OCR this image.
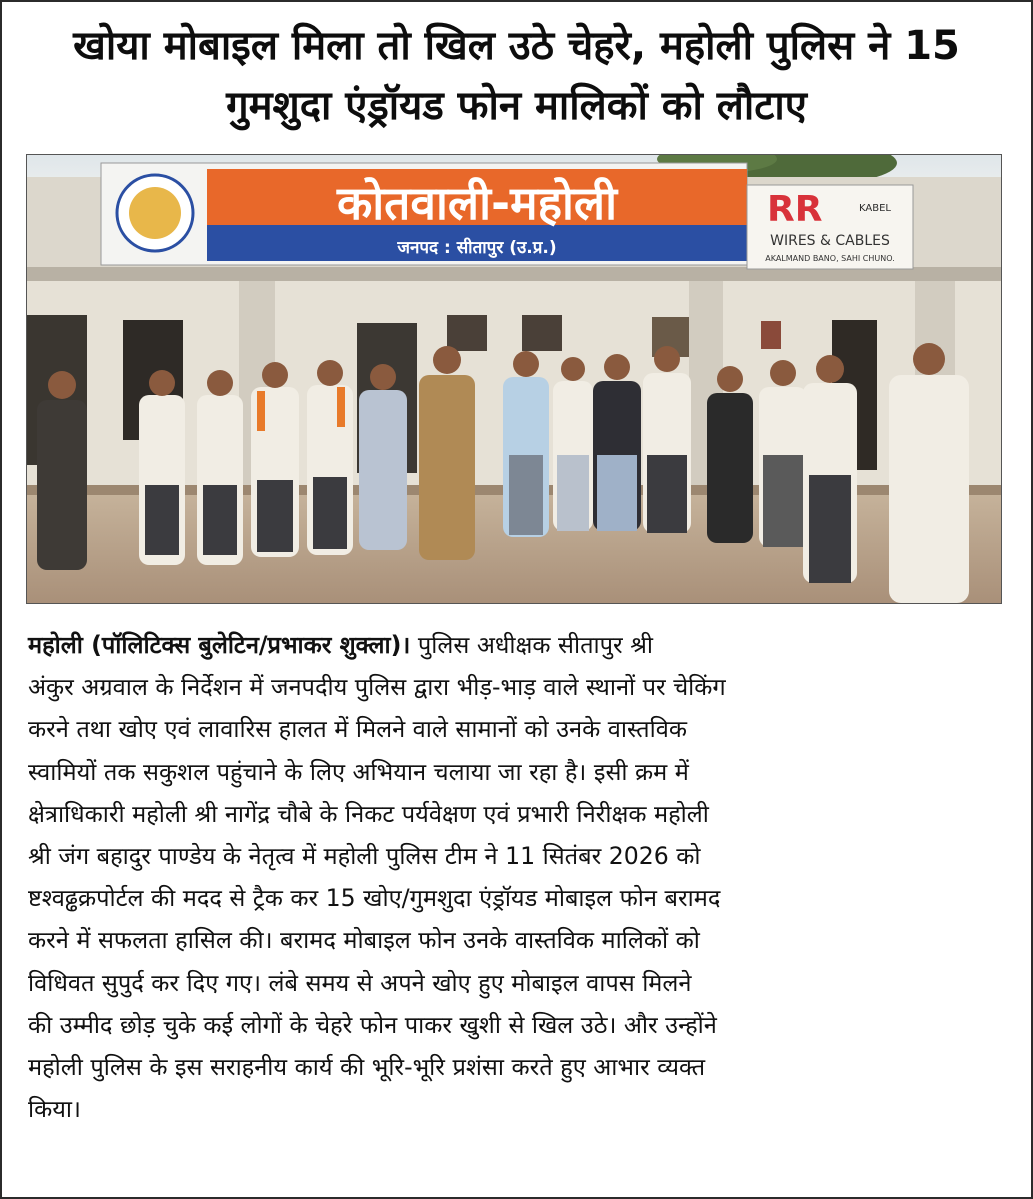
खोया मोबाइल मिला तो खिल उठे चेहरे, महोली पुलिस ने 15
गुमशुदा एंड्रॉयड फोन मालिकों को लौटाए
कोतवाली-महोली
जनपद : सीतापुर (उ.प्र.)
RR	KABEL
WIRES & CABLES
AKALMAND BANO, SAHI CHUNO.
महोली (पॉलिटिक्स बुलेटिन/प्रभाकर शुक्ला)। पुलिस अधीक्षक सीतापुर श्री
अंकुर अग्रवाल के निर्देशन में जनपदीय पुलिस द्वारा भीड़-भाड़ वाले स्थानों पर चेकिंग
करने तथा खोए एवं लावारिस हालत में मिलने वाले सामानों को उनके वास्तविक
स्वामियों तक सकुशल पहुंचाने के लिए अभियान चलाया जा रहा है। इसी क्रम में
क्षेत्राधिकारी महोली श्री नागेंद्र चौबे के निकट पर्यवेक्षण एवं प्रभारी निरीक्षक महोली
श्री जंग बहादुर पाण्डेय के नेतृत्व में महोली पुलिस टीम ने 11 सितंबर 2026 को
ष्टश्वढ्ढक्रपोर्टल की मदद से ट्रैक कर 15 खोए/गुमशुदा एंड्रॉयड मोबाइल फोन बरामद
करने में सफलता हासिल की। बरामद मोबाइल फोन उनके वास्तविक मालिकों को
विधिवत सुपुर्द कर दिए गए। लंबे समय से अपने खोए हुए मोबाइल वापस मिलने
की उम्मीद छोड़ चुके कई लोगों के चेहरे फोन पाकर खुशी से खिल उठे। और उन्होंने
महोली पुलिस के इस सराहनीय कार्य की भूरि-भूरि प्रशंसा करते हुए आभार व्यक्त
किया।
